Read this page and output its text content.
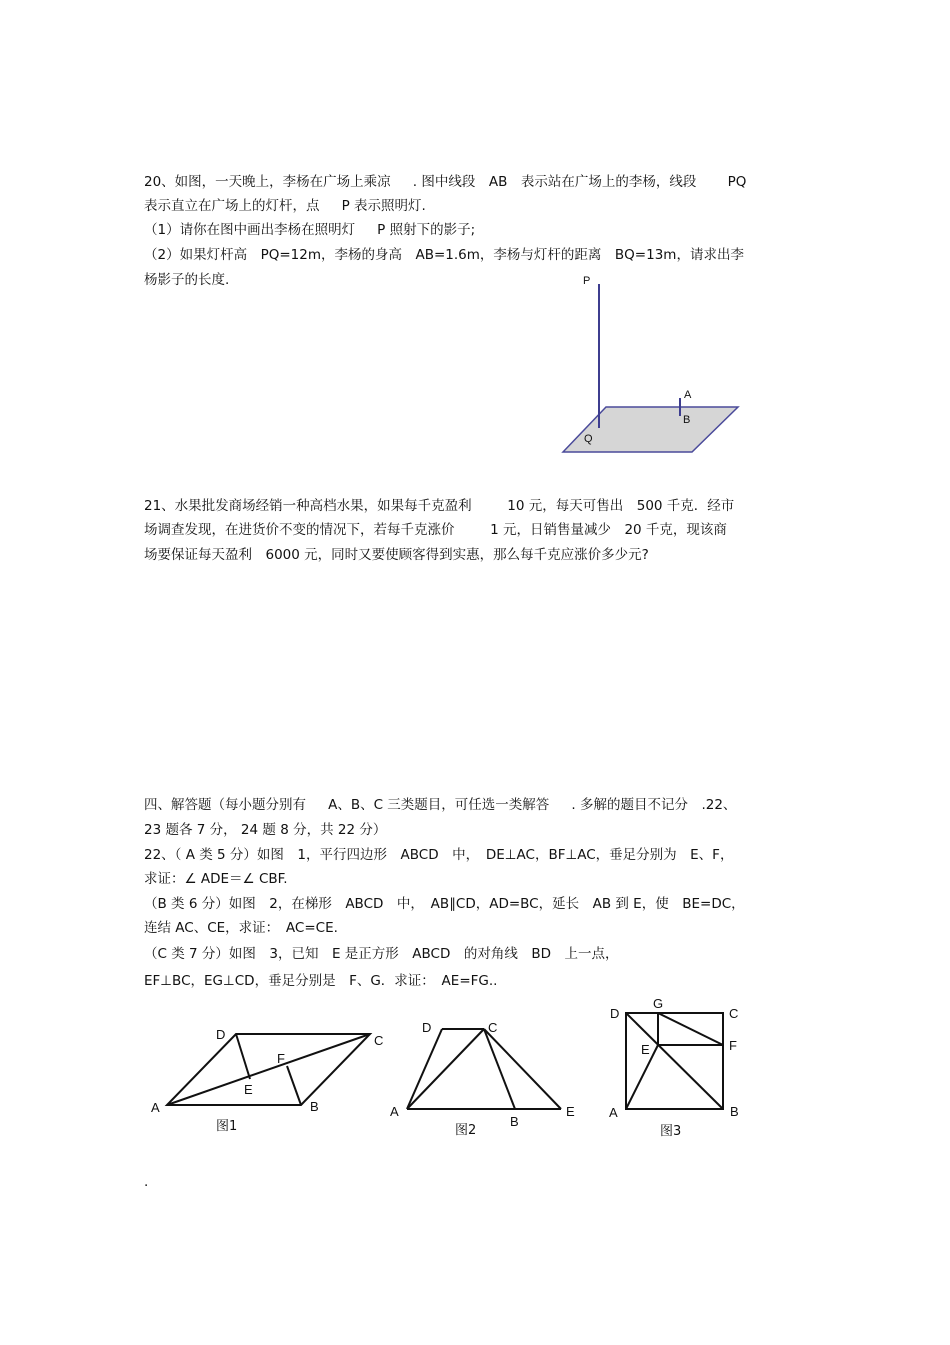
20、如图，一天晚上，李杨在广场上乘凉 　 . 图中线段　AB　表示站在广场上的李杨，线段　 　PQ
表示直立在广场上的灯杆，点 　 P 表示照明灯.
（1）请你在图中画出李杨在照明灯 　 P 照射下的影子;
（2）如果灯杆高　PQ=12m，李杨的身高　AB=1.6m，李杨与灯杆的距离　BQ=13m，请求出李
杨影子的长度.
21、水果批发商场经销一种高档水果，如果每千克盈利 　 　10 元，每天可售出　500 千克．经市
场调查发现，在进货价不变的情况下，若每千克涨价 　 　1 元，日销售量减少　20 千克，现该商
场要保证每天盈利　6000 元，同时又要使顾客得到实惠，那么每千克应涨价多少元?
四、解答题（每小题分别有 　 A、B、C 三类题目，可任选一类解答 　 . 多解的题目不记分　.22、
23 题各 7 分， 24 题 8 分，共 22 分）
22、（ A 类 5 分）如图　1，平行四边形　ABCD　中，　DE⊥AC，BF⊥AC，垂足分别为　E、F，
求证：∠ ADE＝∠ CBF.
（B 类 6 分）如图　2，在梯形　ABCD　中，　AB∥CD，AD=BC，延长　AB 到 E，使　BE=DC，
连结 AC、CE，求证：　AC=CE.
（C 类 7 分）如图　3，已知　E 是正方形　ABCD　的对角线　BD　上一点，
EF⊥BC，EG⊥CD，垂足分别是　F、G．求证：　AE=FG..
.
P
Q
A
B
D	C
F
E
A	B
图1
D	C
A
B
E
图2
D
G
C
E	F
A	B
图3
